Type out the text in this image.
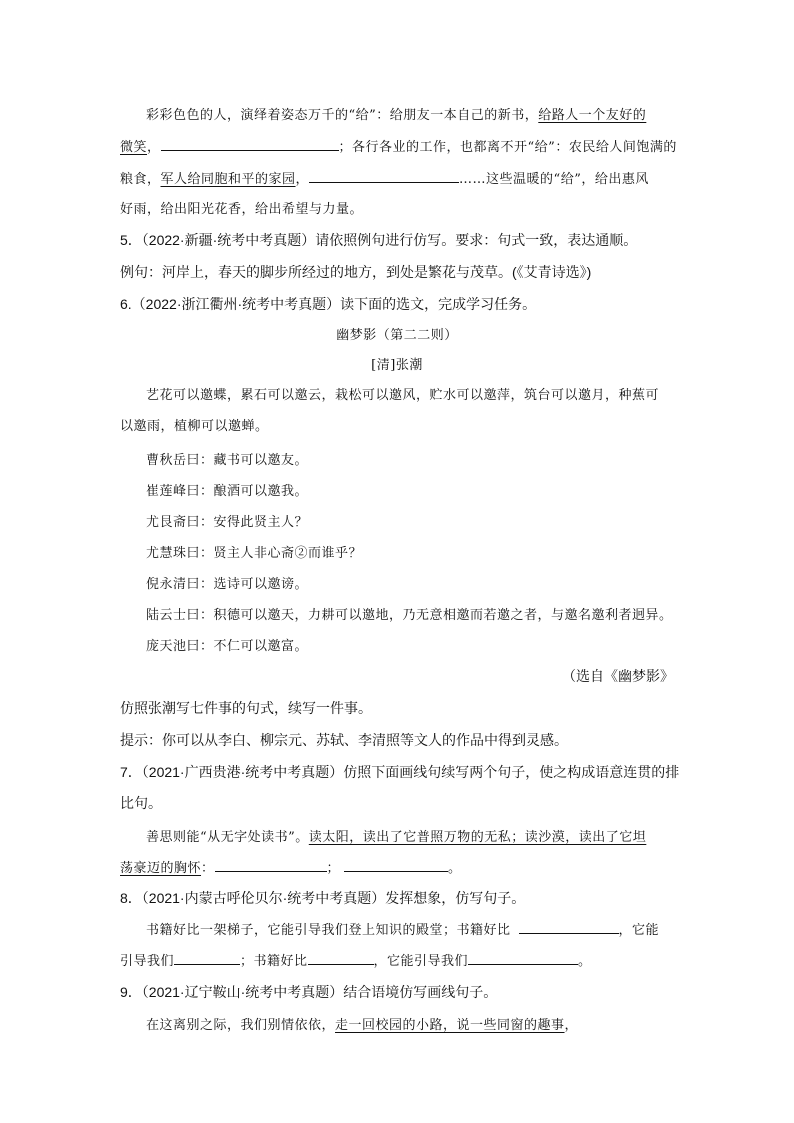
彩彩色色的人，演绎着姿态万千的“给”：给朋友一本自己的新书，给路人一个友好的
微笑，	；各行各业的工作，也都离不开“给”：农民给人间饱满的
粮食，军人给同胞和平的家园，	……这些温暖的“给”，给出惠风
好雨，给出阳光花香，给出希望与力量。
5．（2022·新疆·统考中考真题）请依照例句进行仿写。要求：句式一致，表达通顺。
例句：河岸上，春天的脚步所经过的地方，到处是繁花与茂草。(《艾青诗选》)
6.（2022·浙江衢州·统考中考真题）读下面的选文，完成学习任务。
幽梦影（第二二则）
[清]张潮
艺花可以邀蝶，累石可以邀云，栽松可以邀风，贮水可以邀萍，筑台可以邀月，种蕉可
以邀雨，植柳可以邀蝉。
曹秋岳曰：藏书可以邀友。
崔莲峰曰：酿酒可以邀我。
尤艮斋曰：安得此贤主人？
尤慧珠曰：贤主人非心斋②而谁乎？
倪永清曰：选诗可以邀谤。
陆云士曰：积德可以邀天，力耕可以邀地，乃无意相邀而若邀之者，与邀名邀利者迥异。
庞天池曰：不仁可以邀富。
（选自《幽梦影》
仿照张潮写七件事的句式，续写一件事。
提示：你可以从李白、柳宗元、苏轼、李清照等文人的作品中得到灵感。
7．（2021·广西贵港·统考中考真题）仿照下面画线句续写两个句子，使之构成语意连贯的排
比句。
善思则能“从无字处读书”。读太阳，读出了它普照万物的无私；读沙漠，读出了它坦
荡豪迈的胸怀：	；	。
8．（2021·内蒙古呼伦贝尔·统考中考真题）发挥想象，仿写句子。
书籍好比一架梯子，它能引导我们登上知识的殿堂；书籍好比	，它能
引导我们	；书籍好比	，它能引导我们	。
9．（2021·辽宁鞍山·统考中考真题）结合语境仿写画线句子。
在这离别之际，我们别情依依，走一回校园的小路，说一些同窗的趣事，
